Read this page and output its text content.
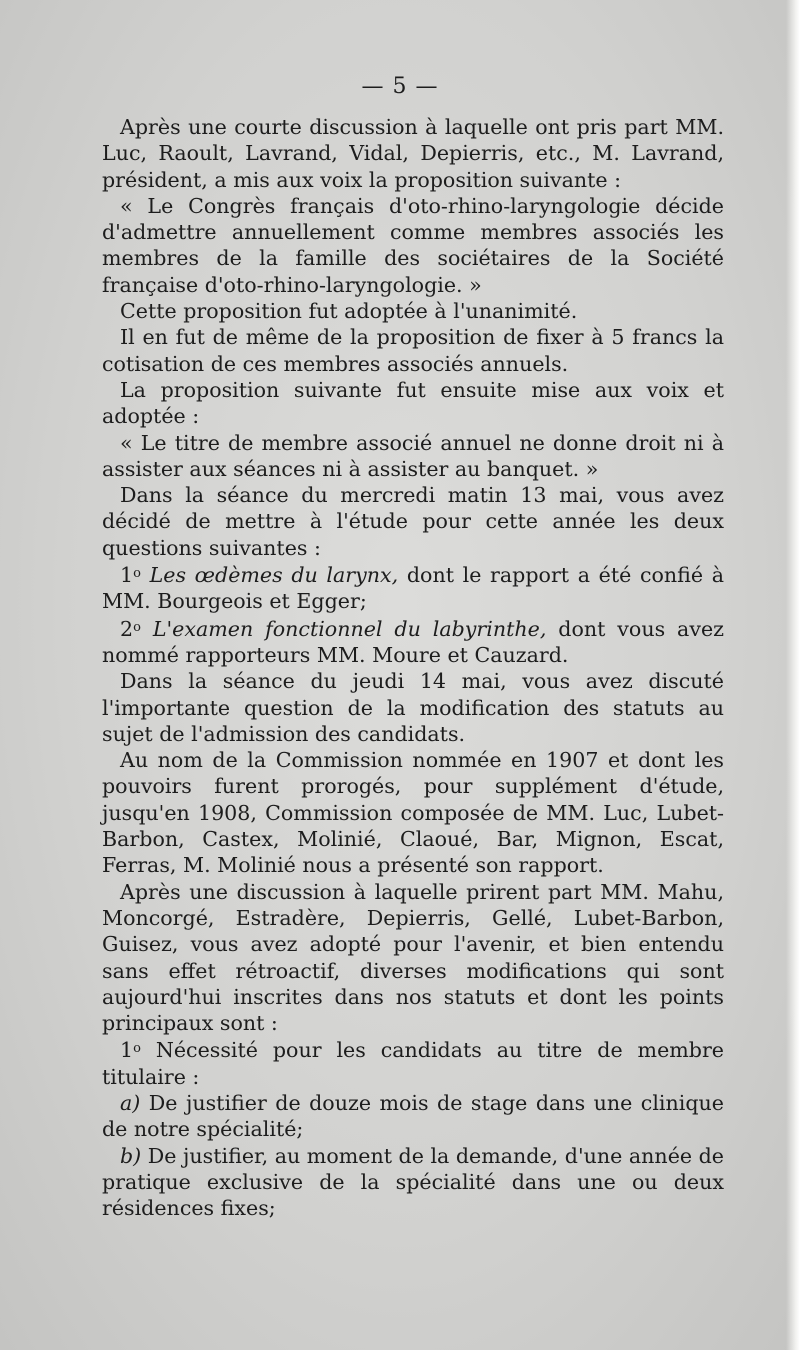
— 5 —

Après une courte discussion à laquelle ont pris part MM. Luc, Raoult, Lavrand, Vidal, Depierris, etc., M. Lavrand, président, a mis aux voix la proposition suivante :

« Le Congrès français d'oto-rhino-laryngologie décide d'admettre annuellement comme membres associés les membres de la famille des sociétaires de la Société française d'oto-rhino-laryngologie. »

Cette proposition fut adoptée à l'unanimité.

Il en fut de même de la proposition de fixer à 5 francs la cotisation de ces membres associés annuels.

La proposition suivante fut ensuite mise aux voix et adoptée :

« Le titre de membre associé annuel ne donne droit ni à assister aux séances ni à assister au banquet. »

Dans la séance du mercredi matin 13 mai, vous avez décidé de mettre à l'étude pour cette année les deux questions suivantes :

1$^o$ Les œdèmes du larynx, dont le rapport a été confié à MM. Bourgeois et Egger;

2$^o$ L'examen fonctionnel du labyrinthe, dont vous avez nommé rapporteurs MM. Moure et Cauzard.

Dans la séance du jeudi 14 mai, vous avez discuté l'importante question de la modification des statuts au sujet de l'admission des candidats.

Au nom de la Commission nommée en 1907 et dont les pouvoirs furent prorogés, pour supplément d'étude, jusqu'en 1908, Commission composée de MM. Luc, Lubet-Barbon, Castex, Molinié, Claoué, Bar, Mignon, Escat, Ferras, M. Molinié nous a présenté son rapport.

Après une discussion à laquelle prirent part MM. Mahu, Moncorgé, Estradère, Depierris, Gellé, Lubet-Barbon, Guisez, vous avez adopté pour l'avenir, et bien entendu sans effet rétroactif, diverses modifications qui sont aujourd'hui inscrites dans nos statuts et dont les points principaux sont :

1$^o$ Nécessité pour les candidats au titre de membre titulaire :

a) De justifier de douze mois de stage dans une clinique de notre spécialité;

b) De justifier, au moment de la demande, d'une année de pratique exclusive de la spécialité dans une ou deux résidences fixes;
